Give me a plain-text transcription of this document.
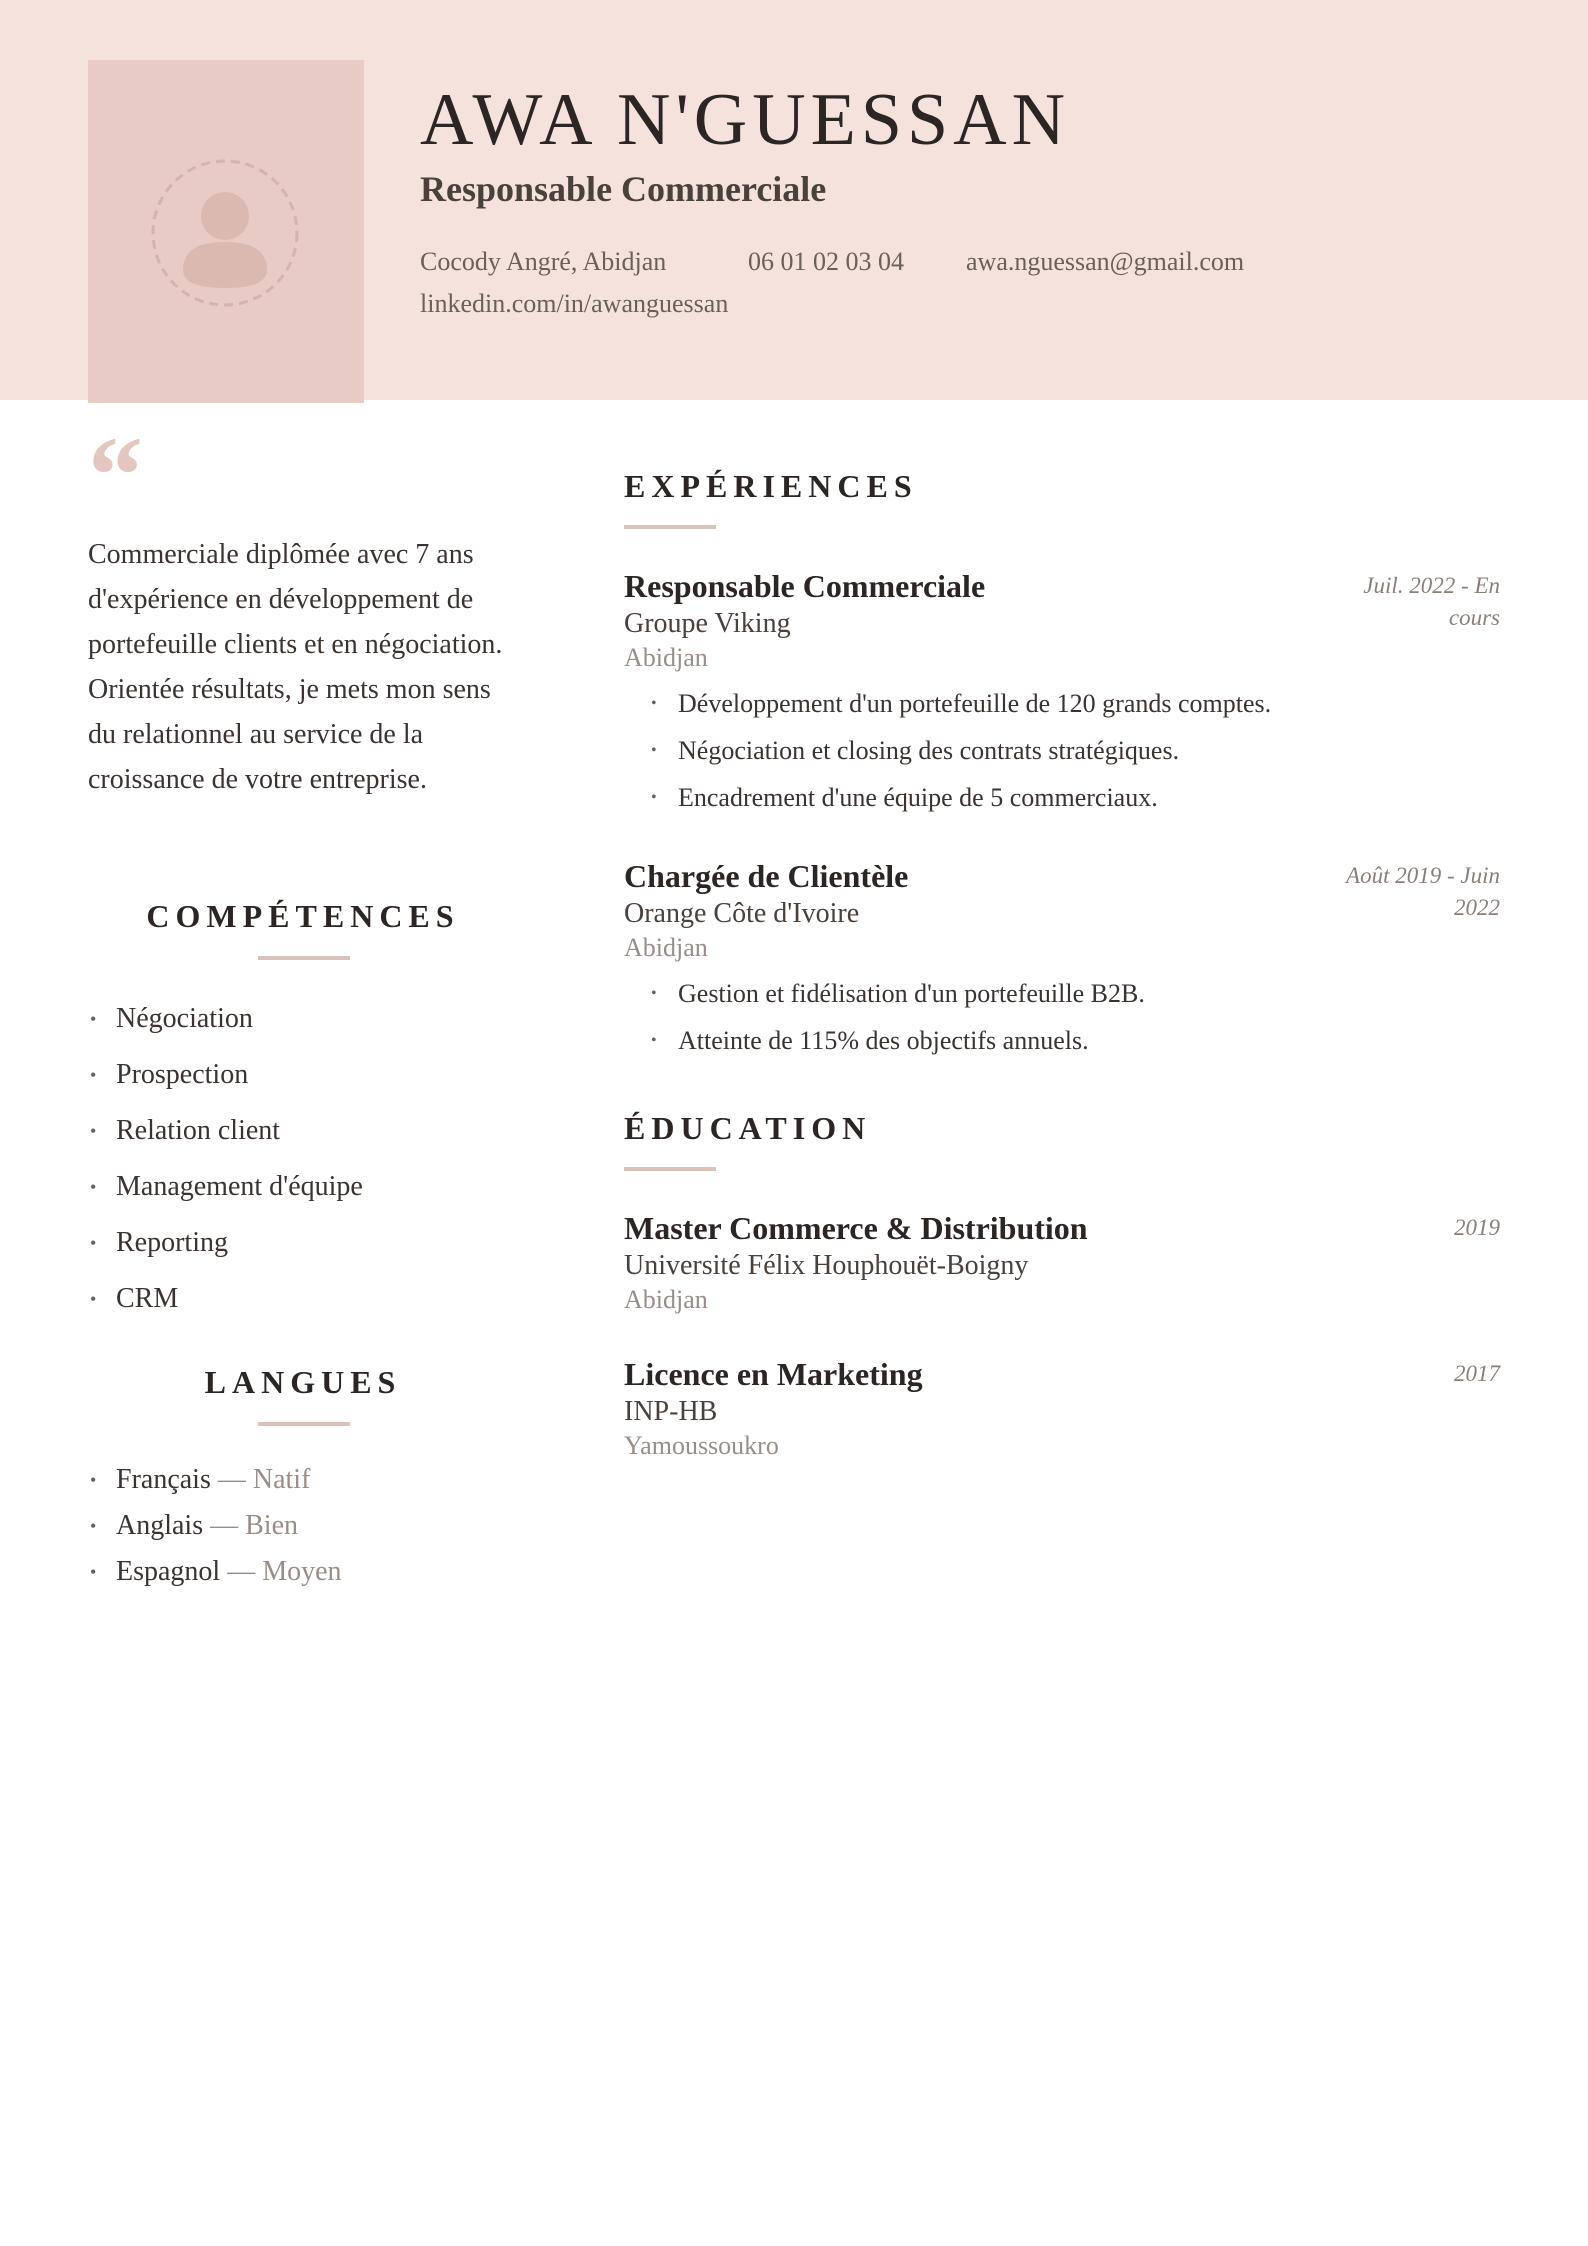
AWA N'GUESSAN
Responsable Commerciale
Cocody Angré, Abidjan	06 01 02 03 04 awa.nguessan@gmail.com
linkedin.com/in/awanguessan
“

Commerciale diplômée avec 7 ans d'expérience en développement de portefeuille clients et en négociation. Orientée résultats, je mets mon sens du relationnel au service de la croissance de votre entreprise.

COMPÉTENCES
• Négociation
• Prospection
• Relation client
• Management d'équipe
• Reporting
• CRM
LANGUES
• Français — Natif
• Anglais — Bien
• Espagnol — Moyen
EXPÉRIENCES
Responsable Commerciale
Groupe Viking
Abidjan
Juil. 2022 - En cours
• Développement d'un portefeuille de 120 grands comptes.
• Négociation et closing des contrats stratégiques.
• Encadrement d'une équipe de 5 commerciaux.
Chargée de Clientèle
Orange Côte d'Ivoire
Abidjan
Août 2019 - Juin 2022
• Gestion et fidélisation d'un portefeuille B2B.
• Atteinte de 115% des objectifs annuels.
ÉDUCATION
Master Commerce & Distribution
Université Félix Houphouët-Boigny
Abidjan
2019
Licence en Marketing
INP-HB
Yamoussoukro
2017
